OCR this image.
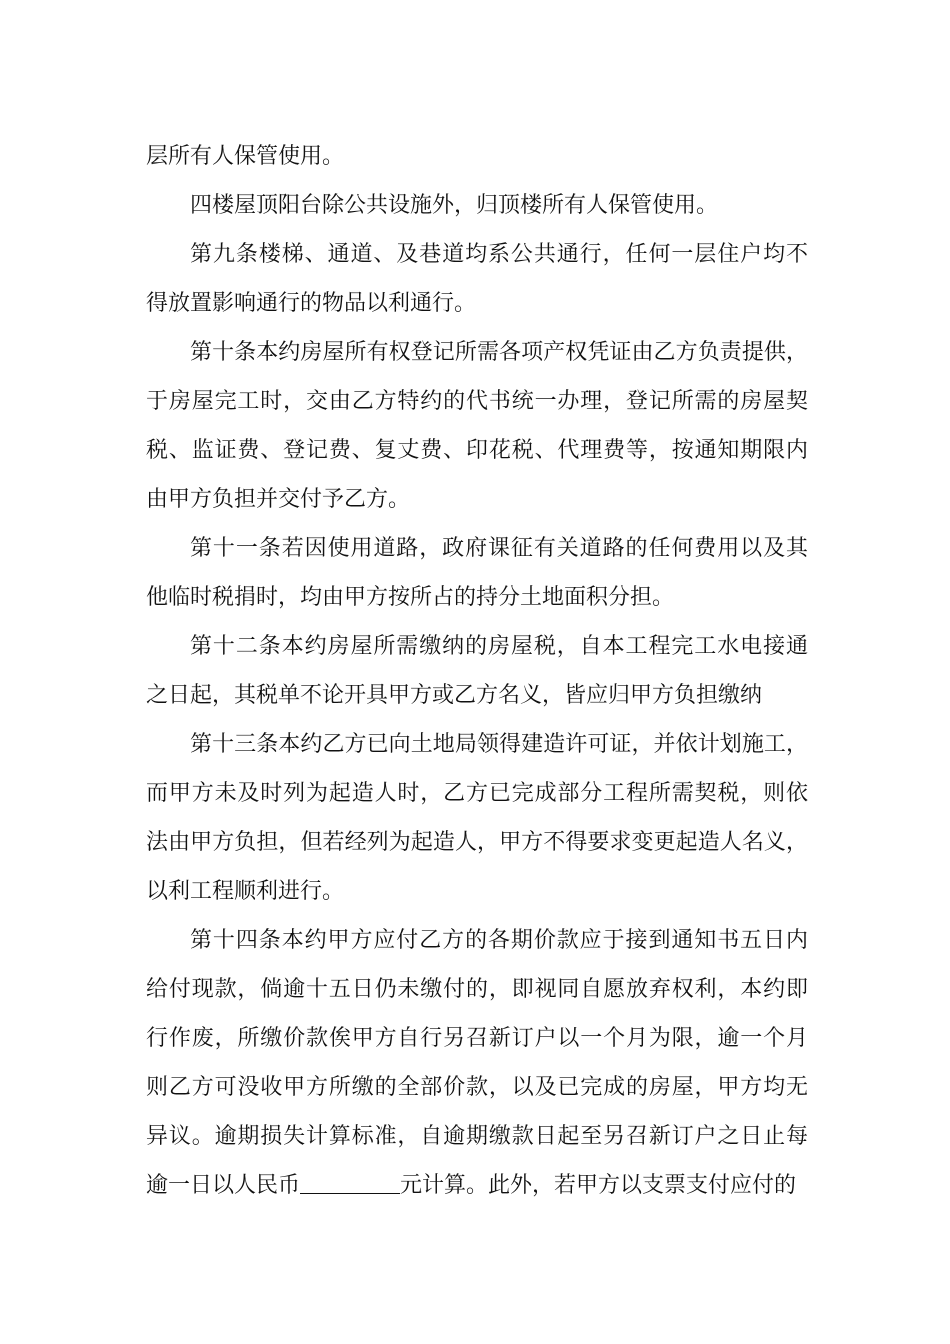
层所有人保管使用。
四楼屋顶阳台除公共设施外，归顶楼所有人保管使用。
第九条楼梯、通道、及巷道均系公共通行，任何一层住户均不
得放置影响通行的物品以利通行。
第十条本约房屋所有权登记所需各项产权凭证由乙方负责提供，
于房屋完工时，交由乙方特约的代书统一办理，登记所需的房屋契
税、监证费、登记费、复丈费、印花税、代理费等，按通知期限内
由甲方负担并交付予乙方。
第十一条若因使用道路，政府课征有关道路的任何费用以及其
他临时税捐时，均由甲方按所占的持分土地面积分担。
第十二条本约房屋所需缴纳的房屋税，自本工程完工水电接通
之日起，其税单不论开具甲方或乙方名义，皆应归甲方负担缴纳
第十三条本约乙方已向土地局领得建造许可证，并依计划施工，
而甲方未及时列为起造人时，乙方已完成部分工程所需契税，则依
法由甲方负担，但若经列为起造人，甲方不得要求变更起造人名义，
以利工程顺利进行。
第十四条本约甲方应付乙方的各期价款应于接到通知书五日内
给付现款，倘逾十五日仍未缴付的，即视同自愿放弃权利，本约即
行作废，所缴价款俟甲方自行另召新订户以一个月为限，逾一个月
则乙方可没收甲方所缴的全部价款，以及已完成的房屋，甲方均无
异议。逾期损失计算标准，自逾期缴款日起至另召新订户之日止每
逾一日以人民币	元计算。此外，若甲方以支票支付应付的
